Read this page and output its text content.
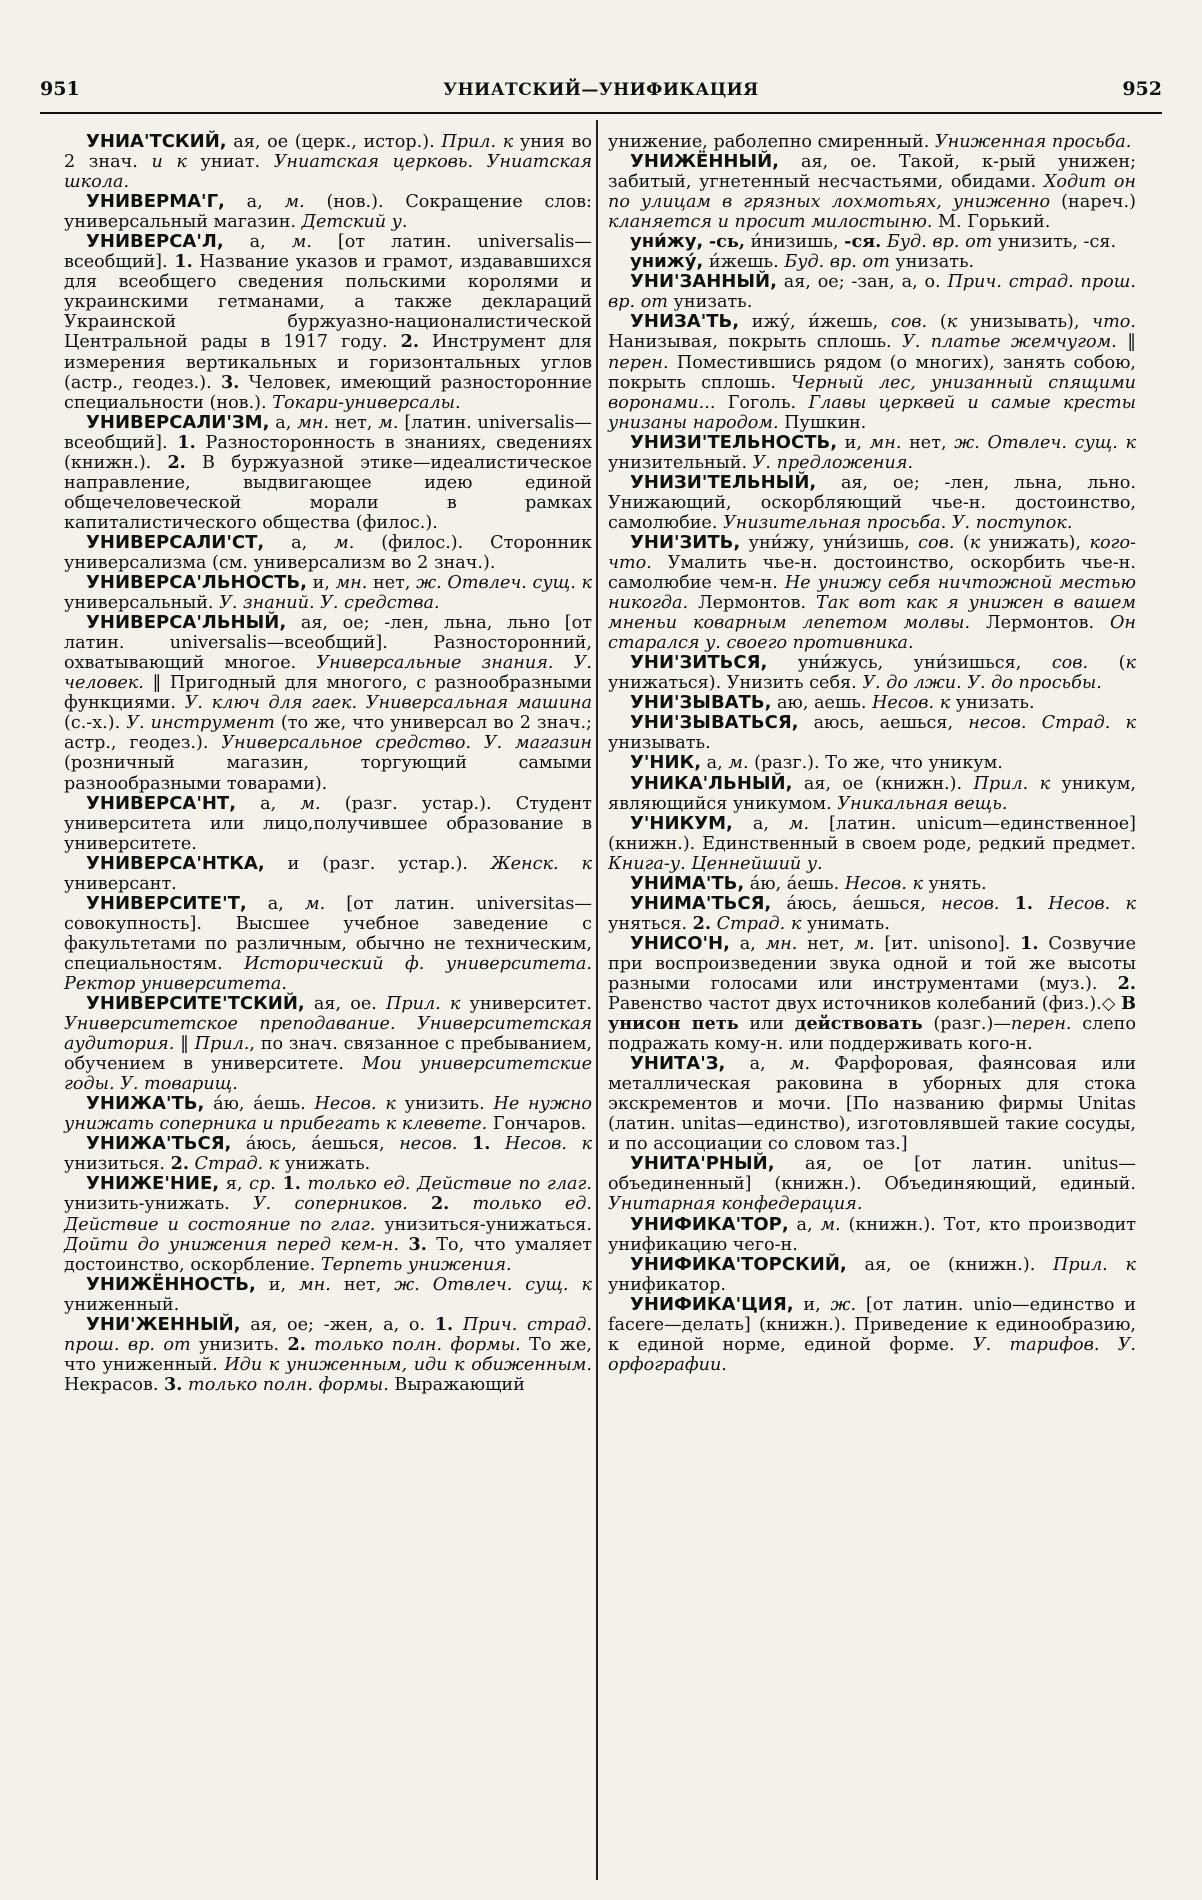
951	УНИАТСКИЙ—УНИФИКАЦИЯ	952

УНИА'ТСКИЙ, ая, ое (церк., истор.). Прил. к уния во 2 знач. и к униат. Униатская церковь. Униатская школа.

УНИВЕРМА'Г, а, м. (нов.). Сокращение слов: универсальный магазин. Детский у.

УНИВЕРСА'Л, а, м. [от латин. universalis—всеобщий]. 1. Название указов и грамот, издававшихся для всеобщего сведения польскими королями и украинскими гетманами, а также деклараций Украинской буржуазно-националистической Центральной рады в 1917 году. 2. Инструмент для измерения вертикальных и горизонтальных углов (астр., геодез.). 3. Человек, имеющий разносторонние специальности (нов.). Токари-универсалы.

УНИВЕРСАЛИ'ЗМ, а, мн. нет, м. [латин. universalis—всеобщий]. 1. Разносторонность в знаниях, сведениях (книжн.). 2. В буржуазной этике—идеалистическое направление, выдвигающее идею единой общечеловеческой морали в рамках капиталистического общества (филос.).

УНИВЕРСАЛИ'СТ, а, м. (филос.). Сторонник универсализма (см. универсализм во 2 знач.).

УНИВЕРСА'ЛЬНОСТЬ, и, мн. нет, ж. Отвлеч. сущ. к универсальный. У. знаний. У. средства.

УНИВЕРСА'ЛЬНЫЙ, ая, ое; -лен, льна, льно [от латин. universalis—всеобщий]. Разносторонний, охватывающий многое. Универсальные знания. У. человек. ‖ Пригодный для многого, с разнообразными функциями. У. ключ для гаек. Универсальная машина (с.-х.). У. инструмент (то же, что универсал во 2 знач.; астр., геодез.). Универсальное средство. У. магазин (розничный магазин, торгующий самыми разнообразными товарами).

УНИВЕРСА'НТ, а, м. (разг. устар.). Студент университета или лицо,получившее образование в университете.

УНИВЕРСА'НТКА, и (разг. устар.). Женск. к универсант.

УНИВЕРСИТЕ'Т, а, м. [от латин. universitas—совокупность]. Высшее учебное заведение с факультетами по различным, обычно не техническим, специальностям. Исторический ф. университета. Ректор университета.

УНИВЕРСИТЕ'ТСКИЙ, ая, ое. Прил. к университет. Университетское преподавание. Университетская аудитория. ‖ Прил., по знач. связанное с пребыванием, обучением в университете. Мои университетские годы. У. товарищ.

УНИЖА'ТЬ, а́ю, а́ешь. Несов. к унизить. Не нужно унижать соперника и прибегать к клевете. Гончаров.

УНИЖА'ТЬСЯ, а́юсь, а́ешься, несов. 1. Несов. к унизиться. 2. Страд. к унижать.

УНИЖЕ'НИЕ, я, ср. 1. только ед. Действие по глаг. унизить-унижать. У. соперников. 2. только ед. Действие и состояние по глаг. унизиться-унижаться. Дойти до унижения перед кем-н. 3. То, что умаляет достоинство, оскорбление. Терпеть унижения.

УНИЖЁННОСТЬ, и, мн. нет, ж. Отвлеч. сущ. к униженный.

УНИ'ЖЕННЫЙ, ая, ое; -жен, а, о. 1. Прич. страд. прош. вр. от унизить. 2. только полн. формы. То же, что униженный. Иди к униженным, иди к обиженным. Некрасов. 3. только полн. формы. Выражающий

унижение, раболепно смиренный. Униженная просьба.

УНИЖЁННЫЙ, ая, ое. Такой, к-рый унижен; забитый, угнетенный несчастьями, обидами. Ходит он по улицам в грязных лохмотьях, униженно (нареч.) кланяется и просит милостыню. М. Горький.

уни́жу, -сь, и́низишь, -ся. Буд. вр. от унизить, -ся.

унижу́, и́жешь. Буд. вр. от унизать.

УНИ'ЗАННЫЙ, ая, ое; -зан, а, о. Прич. страд. прош. вр. от унизать.

УНИЗА'ТЬ, ижу́, и́жешь, сов. (к унизывать), что. Нанизывая, покрыть сплошь. У. платье жемчугом. ‖ перен. Поместившись рядом (о многих), занять собою, покрыть сплошь. Черный лес, унизанный спящими воронами... Гоголь. Главы церквей и самые кресты унизаны народом. Пушкин.

УНИЗИ'ТЕЛЬНОСТЬ, и, мн. нет, ж. Отвлеч. сущ. к унизительный. У. предложения.

УНИЗИ'ТЕЛЬНЫЙ, ая, ое; -лен, льна, льно. Унижающий, оскорбляющий чье-н. достоинство, самолюбие. Унизительная просьба. У. поступок.

УНИ'ЗИТЬ, уни́жу, уни́зишь, сов. (к унижать), кого-что. Умалить чье-н. достоинство, оскорбить чье-н. самолюбие чем-н. Не унижу себя ничтожной местью никогда. Лермонтов. Так вот как я унижен в вашем мненьи коварным лепетом молвы. Лермонтов. Он старался у. своего противника.

УНИ'ЗИТЬСЯ, уни́жусь, уни́зишься, сов. (к унижаться). Унизить себя. У. до лжи. У. до просьбы.

УНИ'ЗЫВАТЬ, аю, аешь. Несов. к унизать.

УНИ'ЗЫВАТЬСЯ, аюсь, аешься, несов. Страд. к унизывать.

У'НИК, а, м. (разг.). То же, что уникум.

УНИКА'ЛЬНЫЙ, ая, ое (книжн.). Прил. к уникум, являющийся уникумом. Уникальная вещь.

У'НИКУМ, а, м. [латин. unicum—единственное] (книжн.). Единственный в своем роде, редкий предмет. Книга-у. Ценнейший у.

УНИМА'ТЬ, а́ю, а́ешь. Несов. к унять.

УНИМА'ТЬСЯ, а́юсь, а́ешься, несов. 1. Несов. к уняться. 2. Страд. к унимать.

УНИСО'Н, а, мн. нет, м. [ит. unisono]. 1. Созвучие при воспроизведении звука одной и той же высоты разными голосами или инструментами (муз.). 2. Равенство частот двух источников колебаний (физ.).◇ В унисон петь или действовать (разг.)—перен. слепо подражать кому-н. или поддерживать кого-н.

УНИТА'З, а, м. Фарфоровая, фаянсовая или металлическая раковина в уборных для стока экскрементов и мочи. [По названию фирмы Unitas (латин. unitas—единство), изготовлявшей такие сосуды, и по ассоциации со словом таз.]

УНИТА'РНЫЙ, ая, ое [от латин. unitus—объединенный] (книжн.). Объединяющий, единый. Унитарная конфедерация.

УНИФИКА'ТОР, а, м. (книжн.). Тот, кто производит унификацию чего-н.

УНИФИКА'ТОРСКИЙ, ая, ое (книжн.). Прил. к унификатор.

УНИФИКА'ЦИЯ, и, ж. [от латин. unio—единство и facere—делать] (книжн.). Приведение к единообразию, к единой норме, единой форме. У. тарифов. У. орфографии.
